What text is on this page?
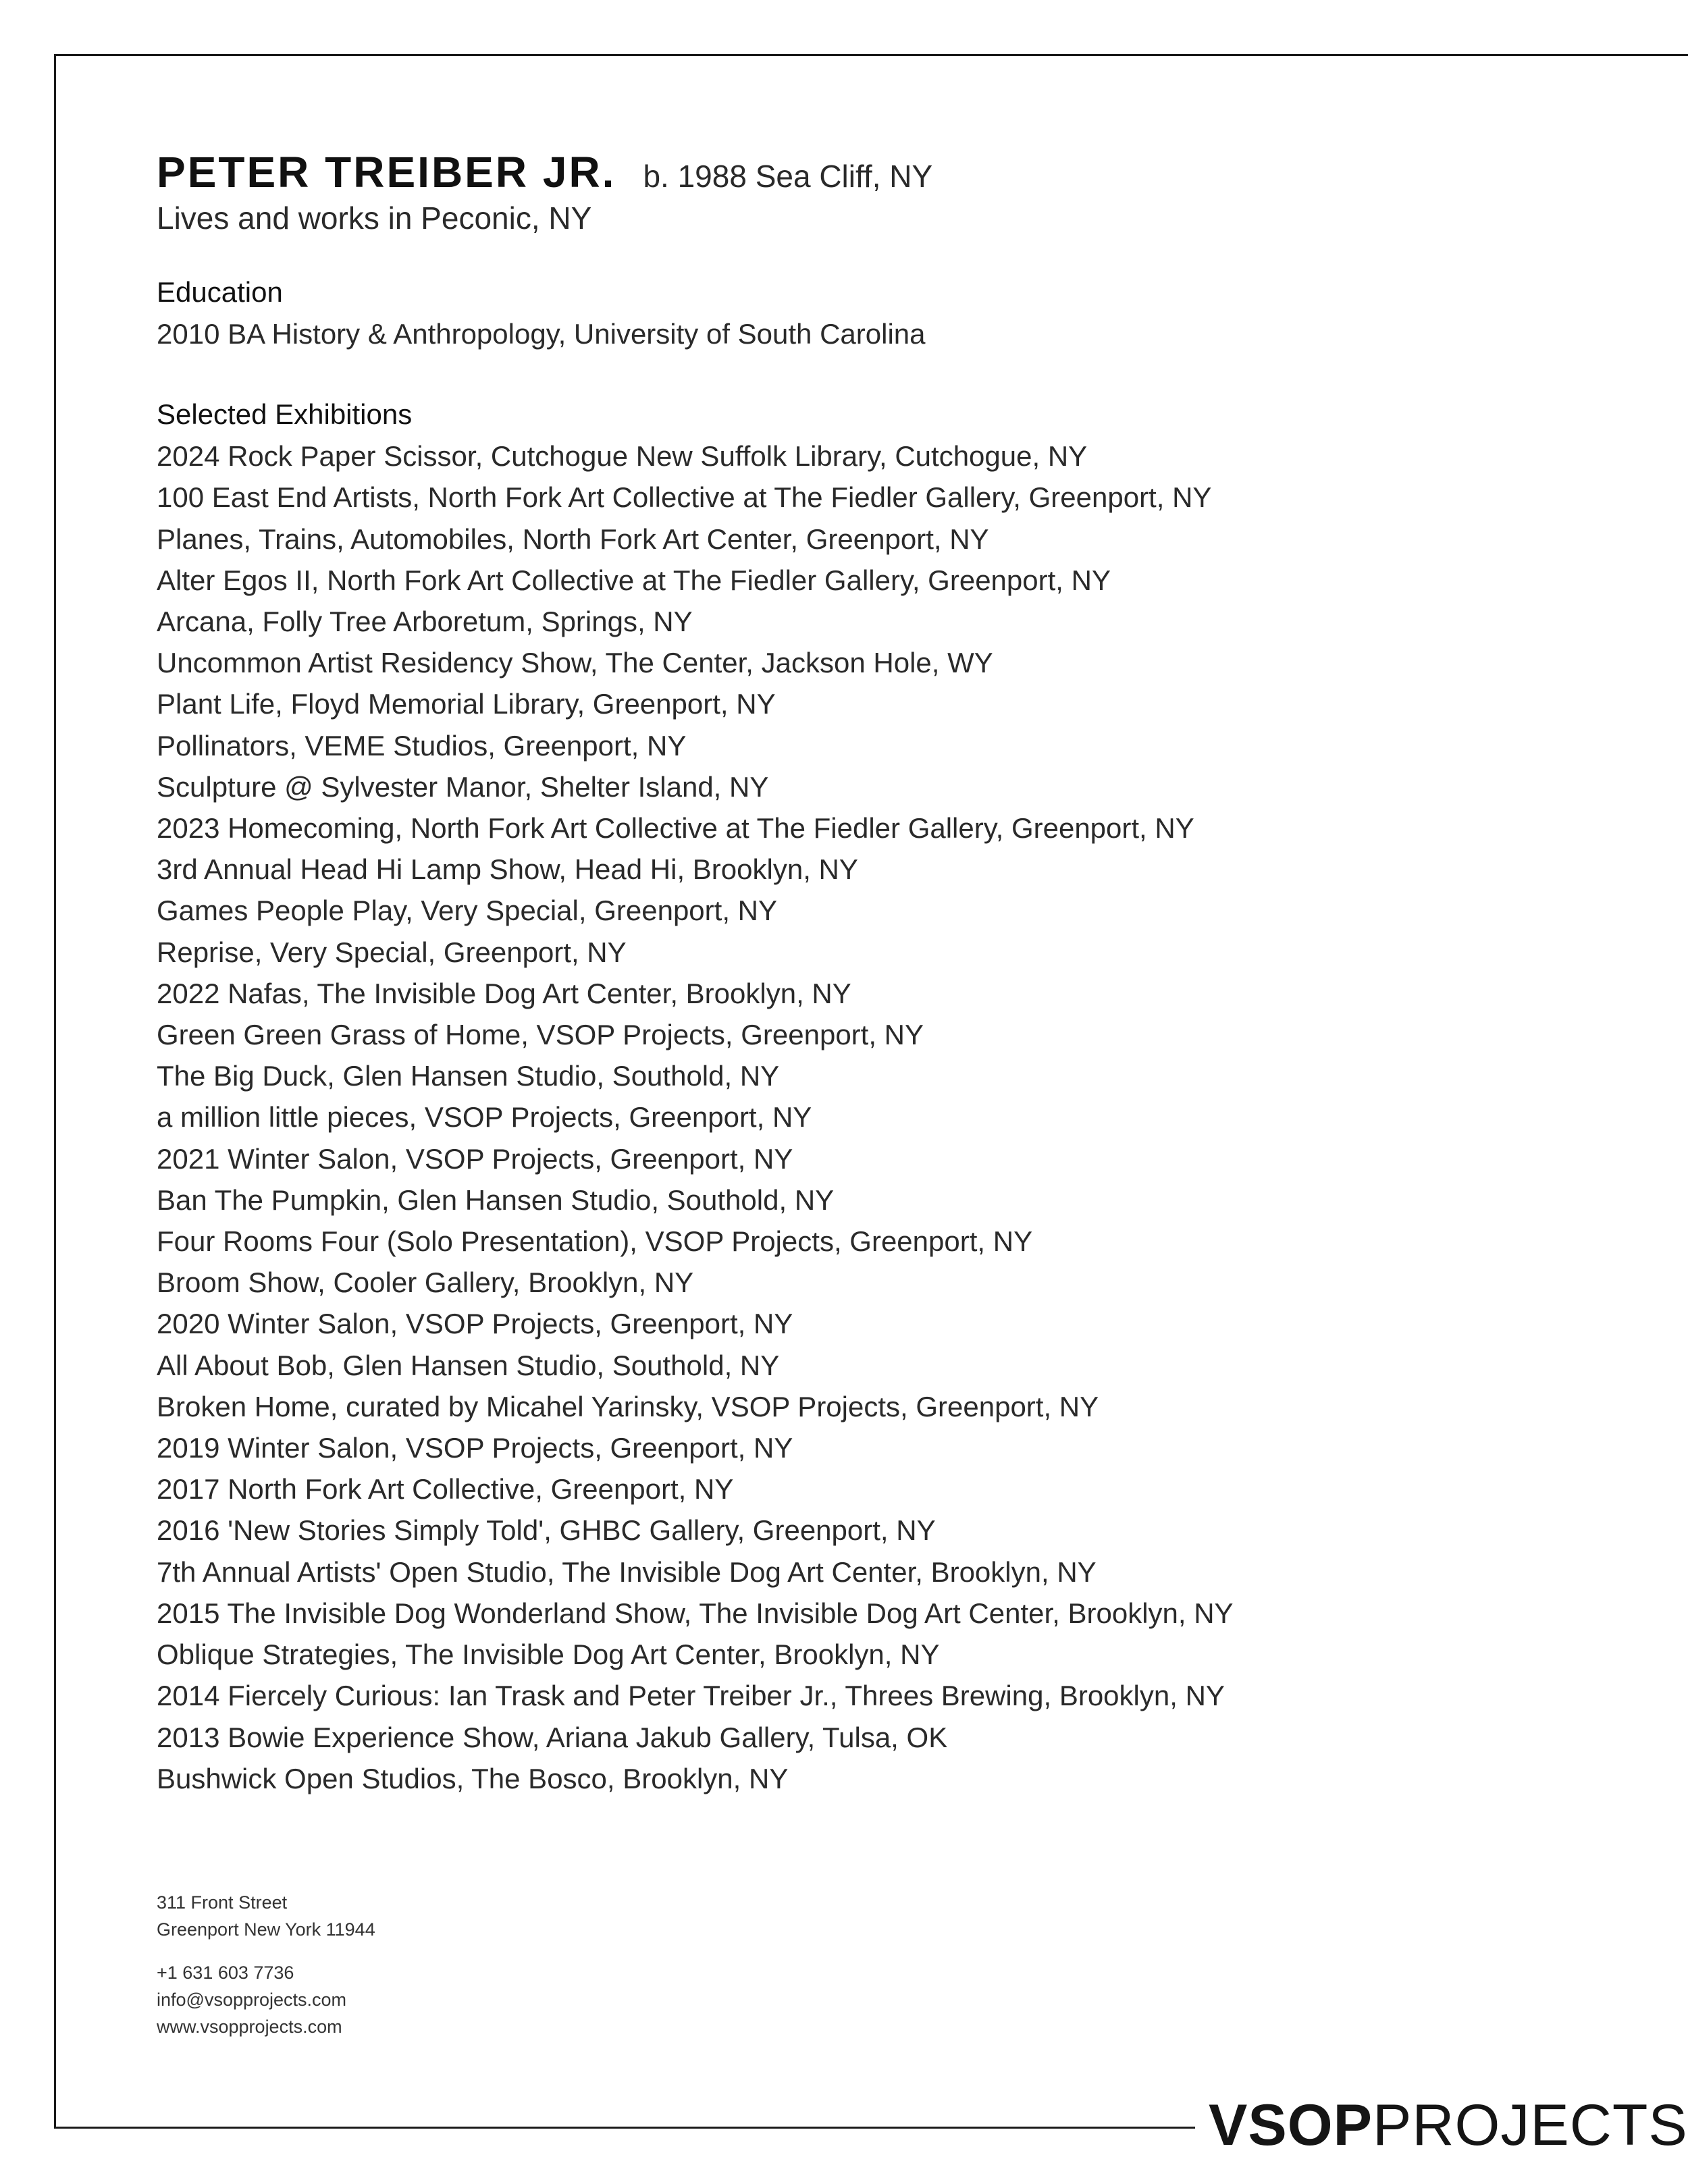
PETER TREIBER JR. b. 1988 Sea Cliff, NY
Lives and works in Peconic, NY
Education
2010 BA History & Anthropology, University of South Carolina
Selected Exhibitions
2024 Rock Paper Scissor, Cutchogue New Suffolk Library, Cutchogue, NY
100 East End Artists, North Fork Art Collective at The Fiedler Gallery, Greenport, NY
Planes, Trains, Automobiles, North Fork Art Center, Greenport, NY
Alter Egos II, North Fork Art Collective at The Fiedler Gallery, Greenport, NY
Arcana, Folly Tree Arboretum, Springs, NY
Uncommon Artist Residency Show, The Center, Jackson Hole, WY
Plant Life, Floyd Memorial Library, Greenport, NY
Pollinators, VEME Studios, Greenport, NY
Sculpture @ Sylvester Manor, Shelter Island, NY
2023 Homecoming, North Fork Art Collective at The Fiedler Gallery, Greenport, NY
3rd Annual Head Hi Lamp Show, Head Hi, Brooklyn, NY
Games People Play, Very Special, Greenport, NY
Reprise, Very Special, Greenport, NY
2022 Nafas, The Invisible Dog Art Center, Brooklyn, NY
Green Green Grass of Home, VSOP Projects, Greenport, NY
The Big Duck, Glen Hansen Studio, Southold, NY
a million little pieces, VSOP Projects, Greenport, NY
2021 Winter Salon, VSOP Projects, Greenport, NY
Ban The Pumpkin, Glen Hansen Studio, Southold, NY
Four Rooms Four (Solo Presentation), VSOP Projects, Greenport, NY
Broom Show, Cooler Gallery, Brooklyn, NY
2020 Winter Salon, VSOP Projects, Greenport, NY
All About Bob, Glen Hansen Studio, Southold, NY
Broken Home, curated by Micahel Yarinsky, VSOP Projects, Greenport, NY
2019 Winter Salon, VSOP Projects, Greenport, NY
2017 North Fork Art Collective, Greenport, NY
2016 'New Stories Simply Told', GHBC Gallery, Greenport, NY
7th Annual Artists' Open Studio, The Invisible Dog Art Center, Brooklyn, NY
2015 The Invisible Dog Wonderland Show, The Invisible Dog Art Center, Brooklyn, NY
Oblique Strategies, The Invisible Dog Art Center, Brooklyn, NY
2014 Fiercely Curious: Ian Trask and Peter Treiber Jr., Threes Brewing, Brooklyn, NY
2013 Bowie Experience Show, Ariana Jakub Gallery, Tulsa, OK
Bushwick Open Studios, The Bosco, Brooklyn, NY
311 Front Street
Greenport New York 11944
+1 631 603 7736
info@vsopprojects.com
www.vsopprojects.com
VSOPPROJECTS
